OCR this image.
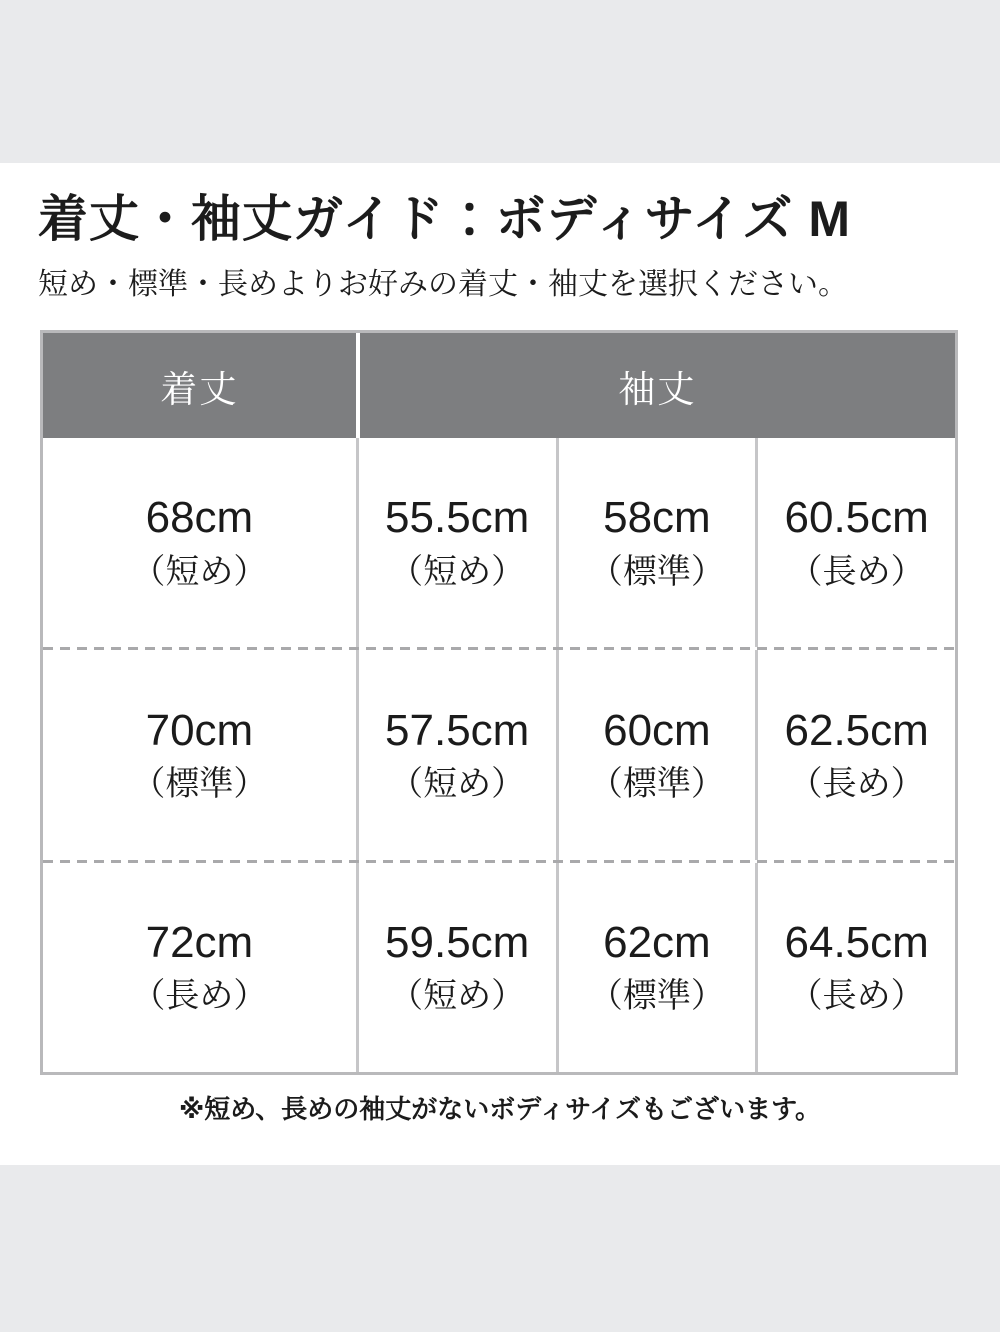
着丈・袖丈ガイド：ボディサイズ M

短め・標準・長めよりお好みの着丈・袖丈を選択ください。

着丈	袖丈
68cm
（短め）
55.5cm
（短め）
58cm
（標準）
60.5cm
（長め）
70cm
（標準）
57.5cm
（短め）
60cm
（標準）
62.5cm
（長め）
72cm
（長め）
59.5cm
（短め）
62cm
（標準）
64.5cm
（長め）

※短め、長めの袖丈がないボディサイズもございます。
